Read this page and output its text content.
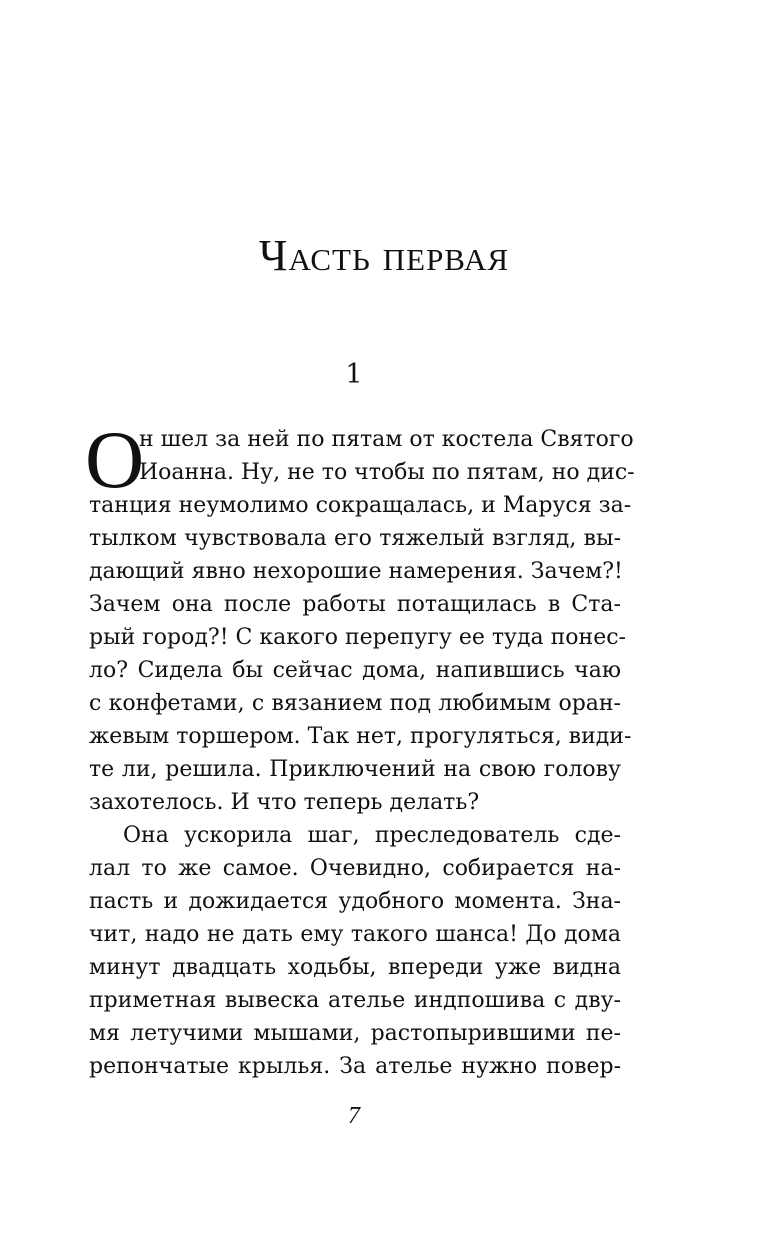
Часть первая
1
О
н шел за ней по пятам от костела Святого
Иоанна. Ну, не то чтобы по пятам, но дис-
танция неумолимо сокращалась, и Маруся за-
тылком чувствовала его тяжелый взгляд, вы-
дающий явно нехорошие намерения. Зачем?!
Зачем она после работы потащилась в Ста-
рый город?! С какого перепугу ее туда понес-
ло? Сидела бы сейчас дома, напившись чаю
с конфетами, с вязанием под любимым оран-
жевым торшером. Так нет, прогуляться, види-
те ли, решила. Приключений на свою голову
захотелось. И что теперь делать?
Она ускорила шаг, преследователь сде-
лал то же самое. Очевидно, собирается на-
пасть и дожидается удобного момента. Зна-
чит, надо не дать ему такого шанса! До дома
минут двадцать ходьбы, впереди уже видна
приметная вывеска ателье индпошива с дву-
мя летучими мышами, растопырившими пе-
репончатые крылья. За ателье нужно повер-
7
